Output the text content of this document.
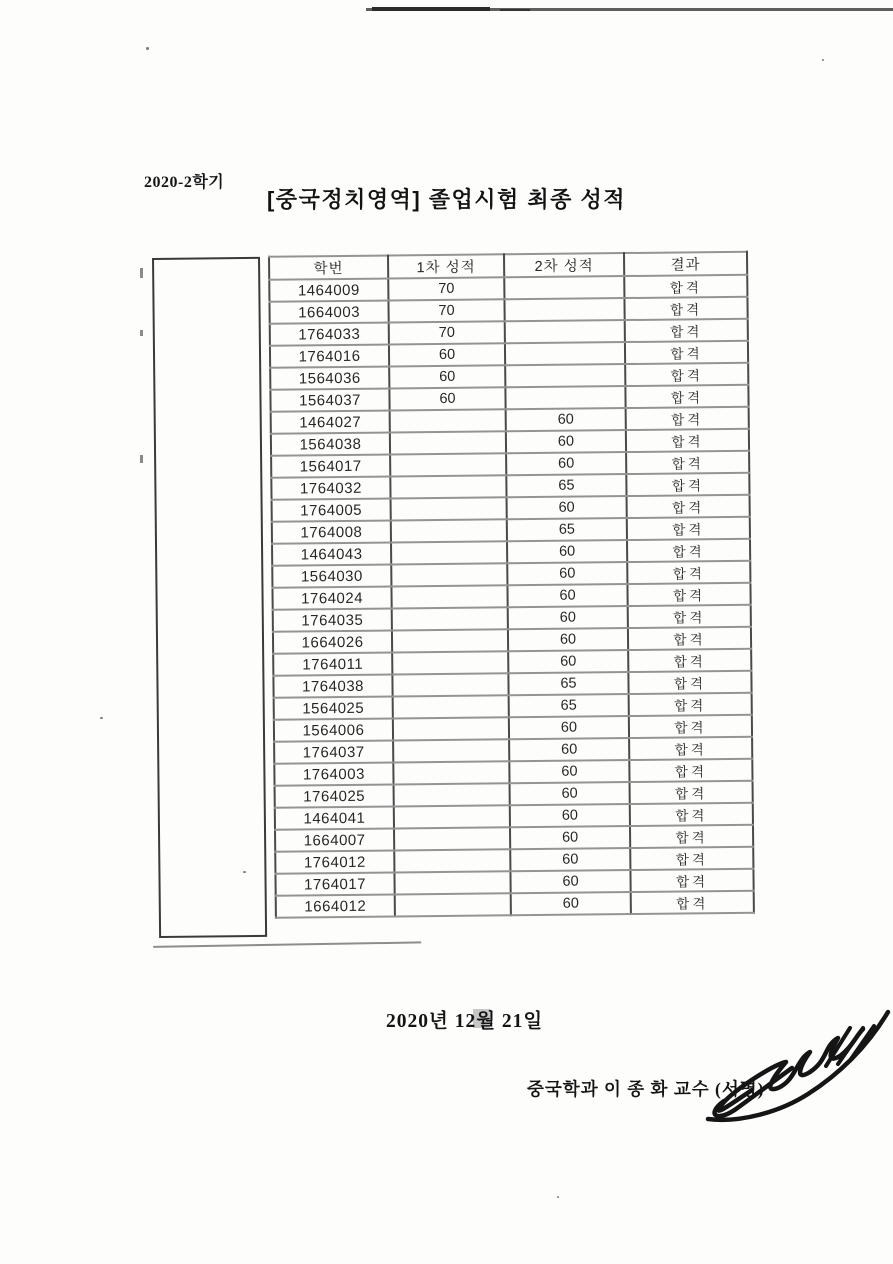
2020-2학기
[중국정치영역] 졸업시험 최종 성적
학번	1차 성적	2차 성적	결과
1464009	70		합격
1664003	70		합격
1764033	70		합격
1764016	60		합격
1564036	60		합격
1564037	60		합격
1464027		60	합격
1564038		60	합격
1564017		60	합격
1764032		65	합격
1764005		60	합격
1764008		65	합격
1464043		60	합격
1564030		60	합격
1764024		60	합격
1764035		60	합격
1664026		60	합격
1764011		60	합격
1764038		65	합격
1564025		65	합격
1564006		60	합격
1764037		60	합격
1764003		60	합격
1764025		60	합격
1464041		60	합격
1664007		60	합격
1764012		60	합격
1764017		60	합격
1664012		60	합격
2020년 12월 21일
중국학과 이 종 화 교수 (서명)
